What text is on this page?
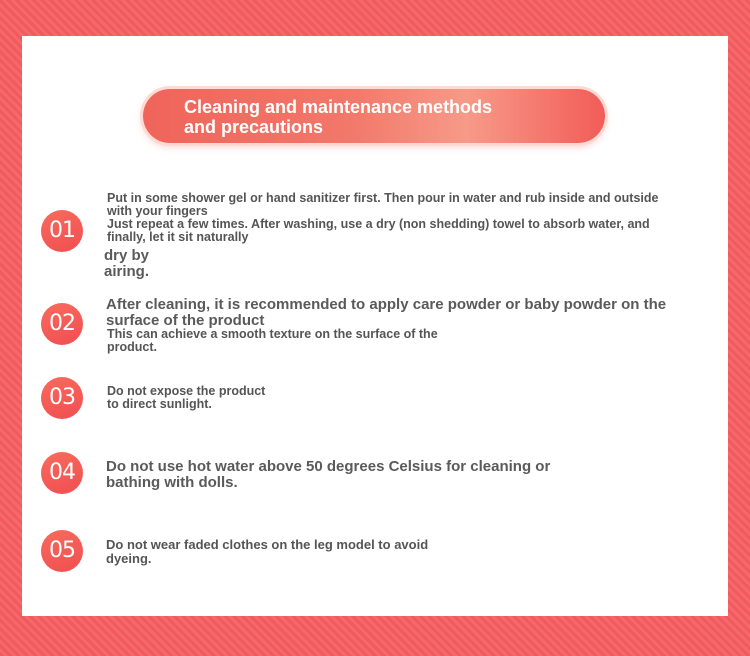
Cleaning and maintenance methods
and precautions
01

Put in some shower gel or hand sanitizer first. Then pour in water and rub inside and outside
with your fingers
Just repeat a few times. After washing, use a dry (non shedding) towel to absorb water, and
finally, let it sit naturally

dry by
airing.

02

After cleaning, it is recommended to apply care powder or baby powder on the
surface of the product

This can achieve a smooth texture on the surface of the
product.

03	Do not expose the product
to direct sunlight.

04	Do not use hot water above 50 degrees Celsius for cleaning or
bathing with dolls.

05	Do not wear faded clothes on the leg model to avoid
dyeing.
